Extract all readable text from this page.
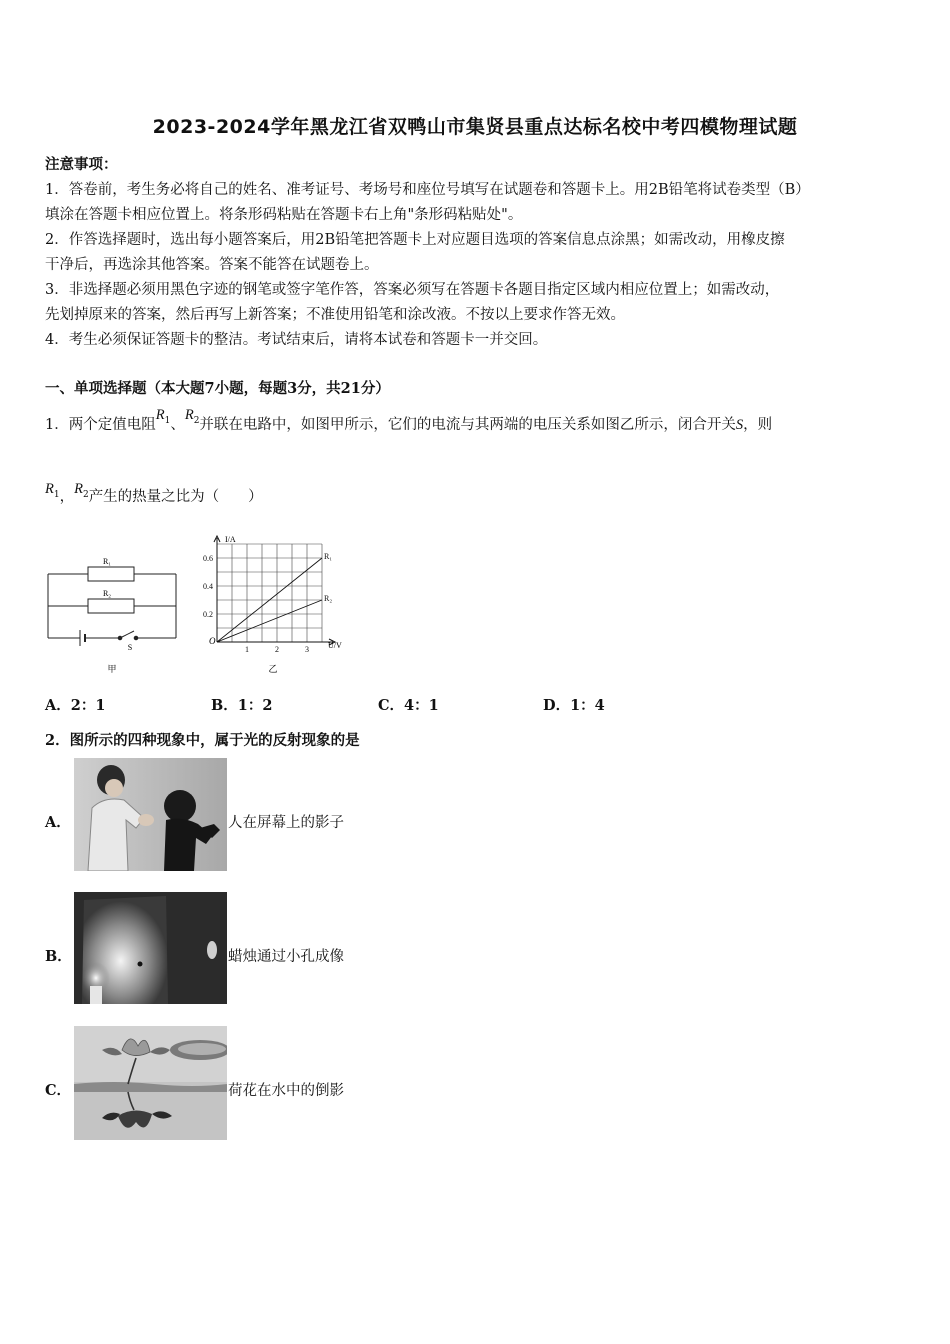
2023-2024学年黑龙江省双鸭山市集贤县重点达标名校中考四模物理试题
注意事项：
1．答卷前，考生务必将自己的姓名、准考证号、考场号和座位号填写在试题卷和答题卡上。用2B铅笔将试卷类型（B）
填涂在答题卡相应位置上。将条形码粘贴在答题卡右上角"条形码粘贴处"。
2．作答选择题时，选出每小题答案后，用2B铅笔把答题卡上对应题目选项的答案信息点涂黑；如需改动，用橡皮擦
干净后，再选涂其他答案。答案不能答在试题卷上。
3．非选择题必须用黑色字迹的钢笔或签字笔作答，答案必须写在答题卡各题目指定区域内相应位置上；如需改动，
先划掉原来的答案，然后再写上新答案；不准使用铅笔和涂改液。不按以上要求作答无效。
4．考生必须保证答题卡的整洁。考试结束后，请将本试卷和答题卡一并交回。
一、单项选择题（本大题7小题，每题3分，共21分）
1．两个定值电阻$R_1$、$R_2$并联在电路中，如图甲所示，它们的电流与其两端的电压关系如图乙所示，闭合开关S，则
$R_1$，$R_2$产生的热量之比为（　　）
R₁
R₂
S
甲
1	2	3
0.2
0.4
0.6	R₁
R₂
I/A
U/V
O
乙
A．2：1	B．1：2	C．4：1	D．1：4
2．图所示的四种现象中，属于光的反射现象的是
A．	人在屏幕上的影子
B．	蜡烛通过小孔成像
C．	荷花在水中的倒影
